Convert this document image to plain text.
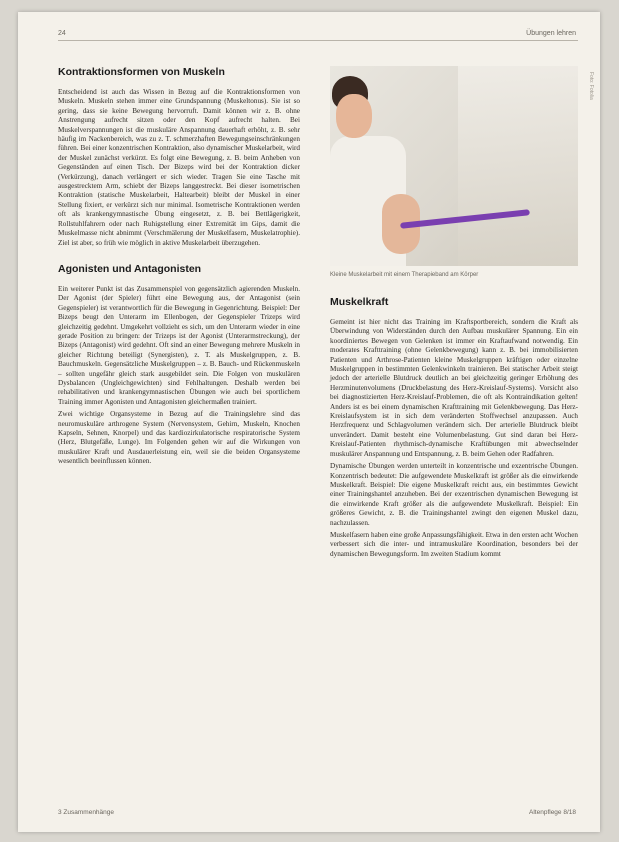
24	Übungen lehren
Kontraktionsformen von Muskeln

Entscheidend ist auch das Wissen in Bezug auf die Kontraktionsformen von Muskeln. Muskeln stehen immer eine Grundspannung (Muskeltonus). Sie ist so gering, dass sie keine Bewegung hervorruft. Damit können wir z. B. ohne Anstrengung aufrecht sitzen oder den Kopf aufrecht halten. Bei Muskelverspannungen ist die muskuläre Anspannung dauerhaft erhöht, z. B. sehr häufig im Nackenbereich, was zu z. T. schmerzhaften Bewegungseinschränkungen führen. Bei einer konzentrischen Kontraktion, also dynamischer Muskelarbeit, wird der Muskel zunächst verkürzt. Es folgt eine Bewegung, z. B. beim Anheben von Gegenständen auf einen Tisch. Der Bizeps wird bei der Kontraktion dicker (Verkürzung), danach verlängert er sich wieder. Tragen Sie eine Tasche mit ausgestrecktem Arm, schiebt der Bizeps langgestreckt. Bei dieser isometrischen Kontraktion (statische Muskelarbeit, Haltearbeit) bleibt der Muskel in einer Stellung fixiert, er verkürzt sich nur minimal. Isometrische Kontraktionen werden oft als krankengymnastische Übung eingesetzt, z. B. bei Bettlägerigkeit, Rollstuhlfahrern oder nach Ruhigstellung einer Extremität im Gips, damit die Muskelmasse nicht abnimmt (Verschmälerung der Muskelfasern, Muskelatrophie). Ziel ist aber, so früh wie möglich in aktive Muskelarbeit überzugehen.

Agonisten und Antagonisten

Ein weiterer Punkt ist das Zusammenspiel von gegensätzlich agierenden Muskeln. Der Agonist (der Spieler) führt eine Bewegung aus, der Antagonist (sein Gegenspieler) ist verantwortlich für die Bewegung in Gegenrichtung. Beispiel: Der Bizeps beugt den Unterarm im Ellenbogen, der Gegenspieler Trizeps wird gleichzeitig gedehnt. Umgekehrt vollzieht es sich, um den Unterarm wieder in eine gerade Position zu bringen: der Trizeps ist der Agonist (Unterarmstreckung), der Bizeps (Antagonist) wird gedehnt. Oft sind an einer Bewegung mehrere Muskeln in gleicher Richtung beteiligt (Synergisten), z. T. als Muskelgruppen, z. B. Bauchmuskeln. Gegensätzliche Muskelgruppen – z. B. Bauch- und Rückenmuskeln – sollten ungefähr gleich stark ausgebildet sein. Die Folgen von muskulären Dysbalancen (Ungleichgewichten) sind Fehlhaltungen. Deshalb werden bei rehabilitativen und krankengymnastischen Übungen wie auch bei sportlichem Training immer Agonisten und Antagonisten gleichermaßen trainiert.

Zwei wichtige Organsysteme in Bezug auf die Trainingslehre sind das neuromuskuläre arthrogene System (Nervensystem, Gehirn, Muskeln, Knochen Kapseln, Sehnen, Knorpel) und das kardiozirkulatorische respiratorische System (Herz, Blutgefäße, Lunge). Im Folgenden gehen wir auf die Wirkungen von muskulärer Kraft und Ausdauerleistung ein, weil sie die beiden Organsysteme wesentlich beeinflussen können.

Kleine Muskelarbeit mit einem Therapieband am Körper
Muskelkraft

Gemeint ist hier nicht das Training im Kraftsportbereich, sondern die Kraft als Überwindung von Widerständen durch den Aufbau muskulärer Spannung. Ein ein koordiniertes Bewegen von Gelenken ist immer ein Kraftaufwand notwendig. Ein moderates Krafttraining (ohne Gelenkbewegung) kann z. B. bei immobilisierten Patienten und Arthrose-Patienten kleine Muskelgruppen kräftigen oder einzelne Muskelgruppen in bestimmten Gelenkwinkeln trainieren. Bei statischer Arbeit steigt jedoch der arterielle Blutdruck deutlich an bei gleichzeitig geringer Erhöhung des Herzminutenvolumens (Druckbelastung des Herz-Kreislauf-Systems). Vorsicht also bei diagnostizierten Herz-Kreislauf-Problemen, die oft als Kontraindikation gelten! Anders ist es bei einem dynamischen Krafttraining mit Gelenkbewegung. Das Herz-Kreislaufsystem ist in sich dem veränderten Stoffwechsel anzupassen. Auch Herzfrequenz und Schlagvolumen verändern sich. Der arterielle Blutdruck bleibt unverändert. Damit besteht eine Volumenbelastung. Gut sind daran bei Herz-Kreislauf-Patienten rhythmisch-dynamische Kraftübungen mit abwechselnder muskulärer Anspannung und Entspannung, z. B. beim Gehen oder Radfahren.

Dynamische Übungen werden unterteilt in konzentrische und exzentrische Übungen. Konzentrisch bedeutet: Die aufgewendete Muskelkraft ist größer als die einwirkende Muskelkraft. Beispiel: Die eigene Muskelkraft reicht aus, ein bestimmtes Gewicht einer Trainingshantel anzuheben. Bei der exzentrischen dynamischen Bewegung ist die einwirkende Kraft größer als die aufgewendete Muskelkraft. Beispiel: Ein größeres Gewicht, z. B. die Trainingshantel zwingt den eigenen Muskel dazu, nachzulassen.

Muskelfasern haben eine große Anpassungsfähigkeit. Etwa in den ersten acht Wochen verbessert sich die inter- und intramuskuläre Koordination, besonders bei der dynamischen Bewegungsform. Im zweiten Stadium kommt

Foto: Fotolia
3 Zusammenhänge	Altenpflege 8/18
